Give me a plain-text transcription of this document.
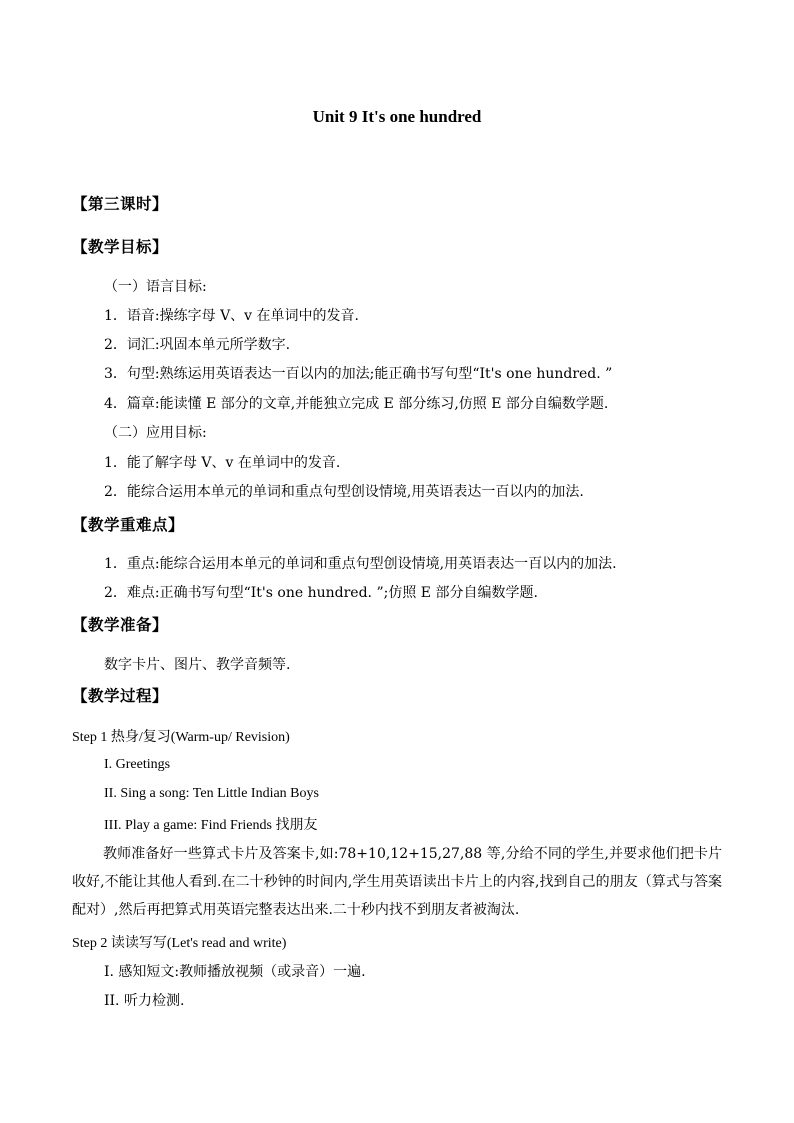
Unit 9 It's one hundred
【第三课时】
【教学目标】
（一）语言目标:
1．语音:操练字母 V、v 在单词中的发音.
2．词汇:巩固本单元所学数字.
3．句型:熟练运用英语表达一百以内的加法;能正确书写句型“It's one hundred. ”
4．篇章:能读懂 E 部分的文章,并能独立完成 E 部分练习,仿照 E 部分自编数学题.
（二）应用目标:
1．能了解字母 V、v 在单词中的发音.
2．能综合运用本单元的单词和重点句型创设情境,用英语表达一百以内的加法.
【教学重难点】
1．重点:能综合运用本单元的单词和重点句型创设情境,用英语表达一百以内的加法.
2．难点:正确书写句型“It's one hundred. ”;仿照 E 部分自编数学题.
【教学准备】
数字卡片、图片、教学音频等.
【教学过程】
Step 1 热身/复习(Warm-up/ Revision)
I. Greetings
II. Sing a song: Ten Little Indian Boys
III. Play a game: Find Friends 找朋友
教师准备好一些算式卡片及答案卡,如:78+10,12+15,27,88 等,分给不同的学生,并要求他们把卡片收好,不能让其他人看到.在二十秒钟的时间内,学生用英语读出卡片上的内容,找到自己的朋友（算式与答案配对）,然后再把算式用英语完整表达出来.二十秒内找不到朋友者被淘汰.
Step 2 读读写写(Let's read and write)
I. 感知短文:教师播放视频（或录音）一遍.
II. 听力检测.
